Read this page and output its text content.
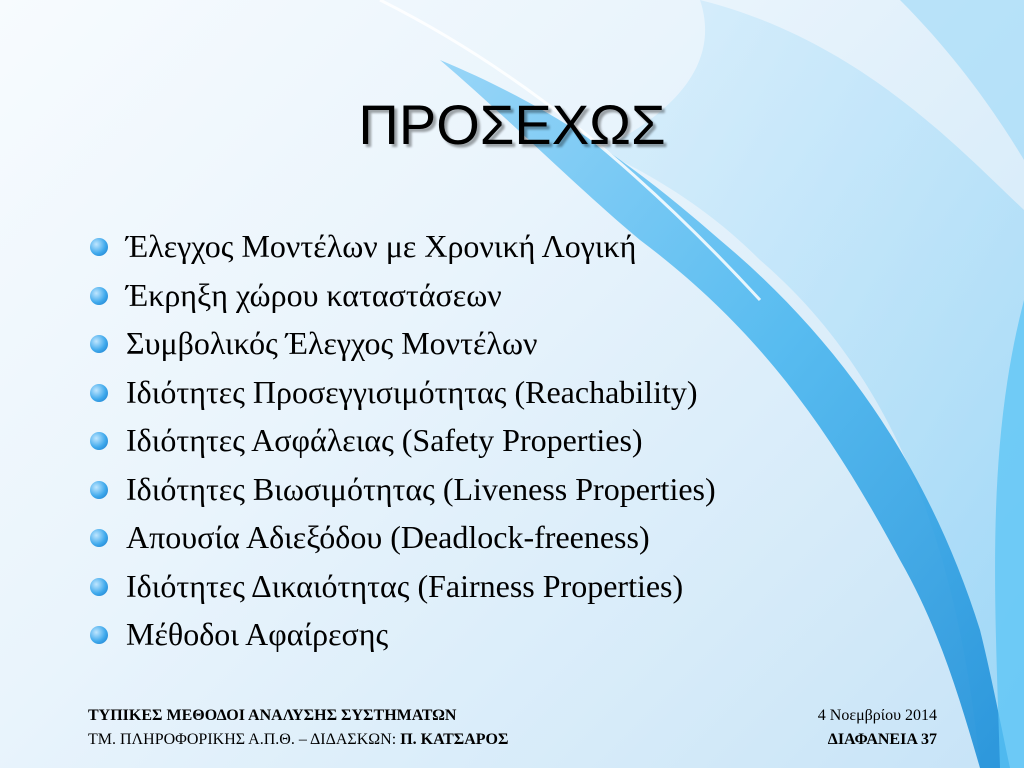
ΠΡΟΣΕΧΩΣ
Έλεγχος Μοντέλων με Χρονική Λογική
Έκρηξη χώρου καταστάσεων
Συμβολικός Έλεγχος Μοντέλων
Ιδιότητες Προσεγγισιμότητας (Reachability)
Ιδιότητες Ασφάλειας (Safety Properties)
Ιδιότητες Βιωσιμότητας (Liveness Properties)
Απουσία Αδιεξόδου (Deadlock-freeness)
Ιδιότητες Δικαιότητας (Fairness Properties)
Μέθοδοι Αφαίρεσης
ΤΥΠΙΚΕΣ ΜΕΘΟΔΟΙ ΑΝΑΛΥΣΗΣ ΣΥΣΤΗΜΑΤΩΝ
ΤΜ. ΠΛΗΡΟΦΟΡΙΚΗΣ Α.Π.Θ. – ΔΙΔΑΣΚΩΝ: Π. ΚΑΤΣΑΡΟΣ
4 Νοεμβρίου 2014
ΔΙΑΦΑΝΕΙΑ 37
